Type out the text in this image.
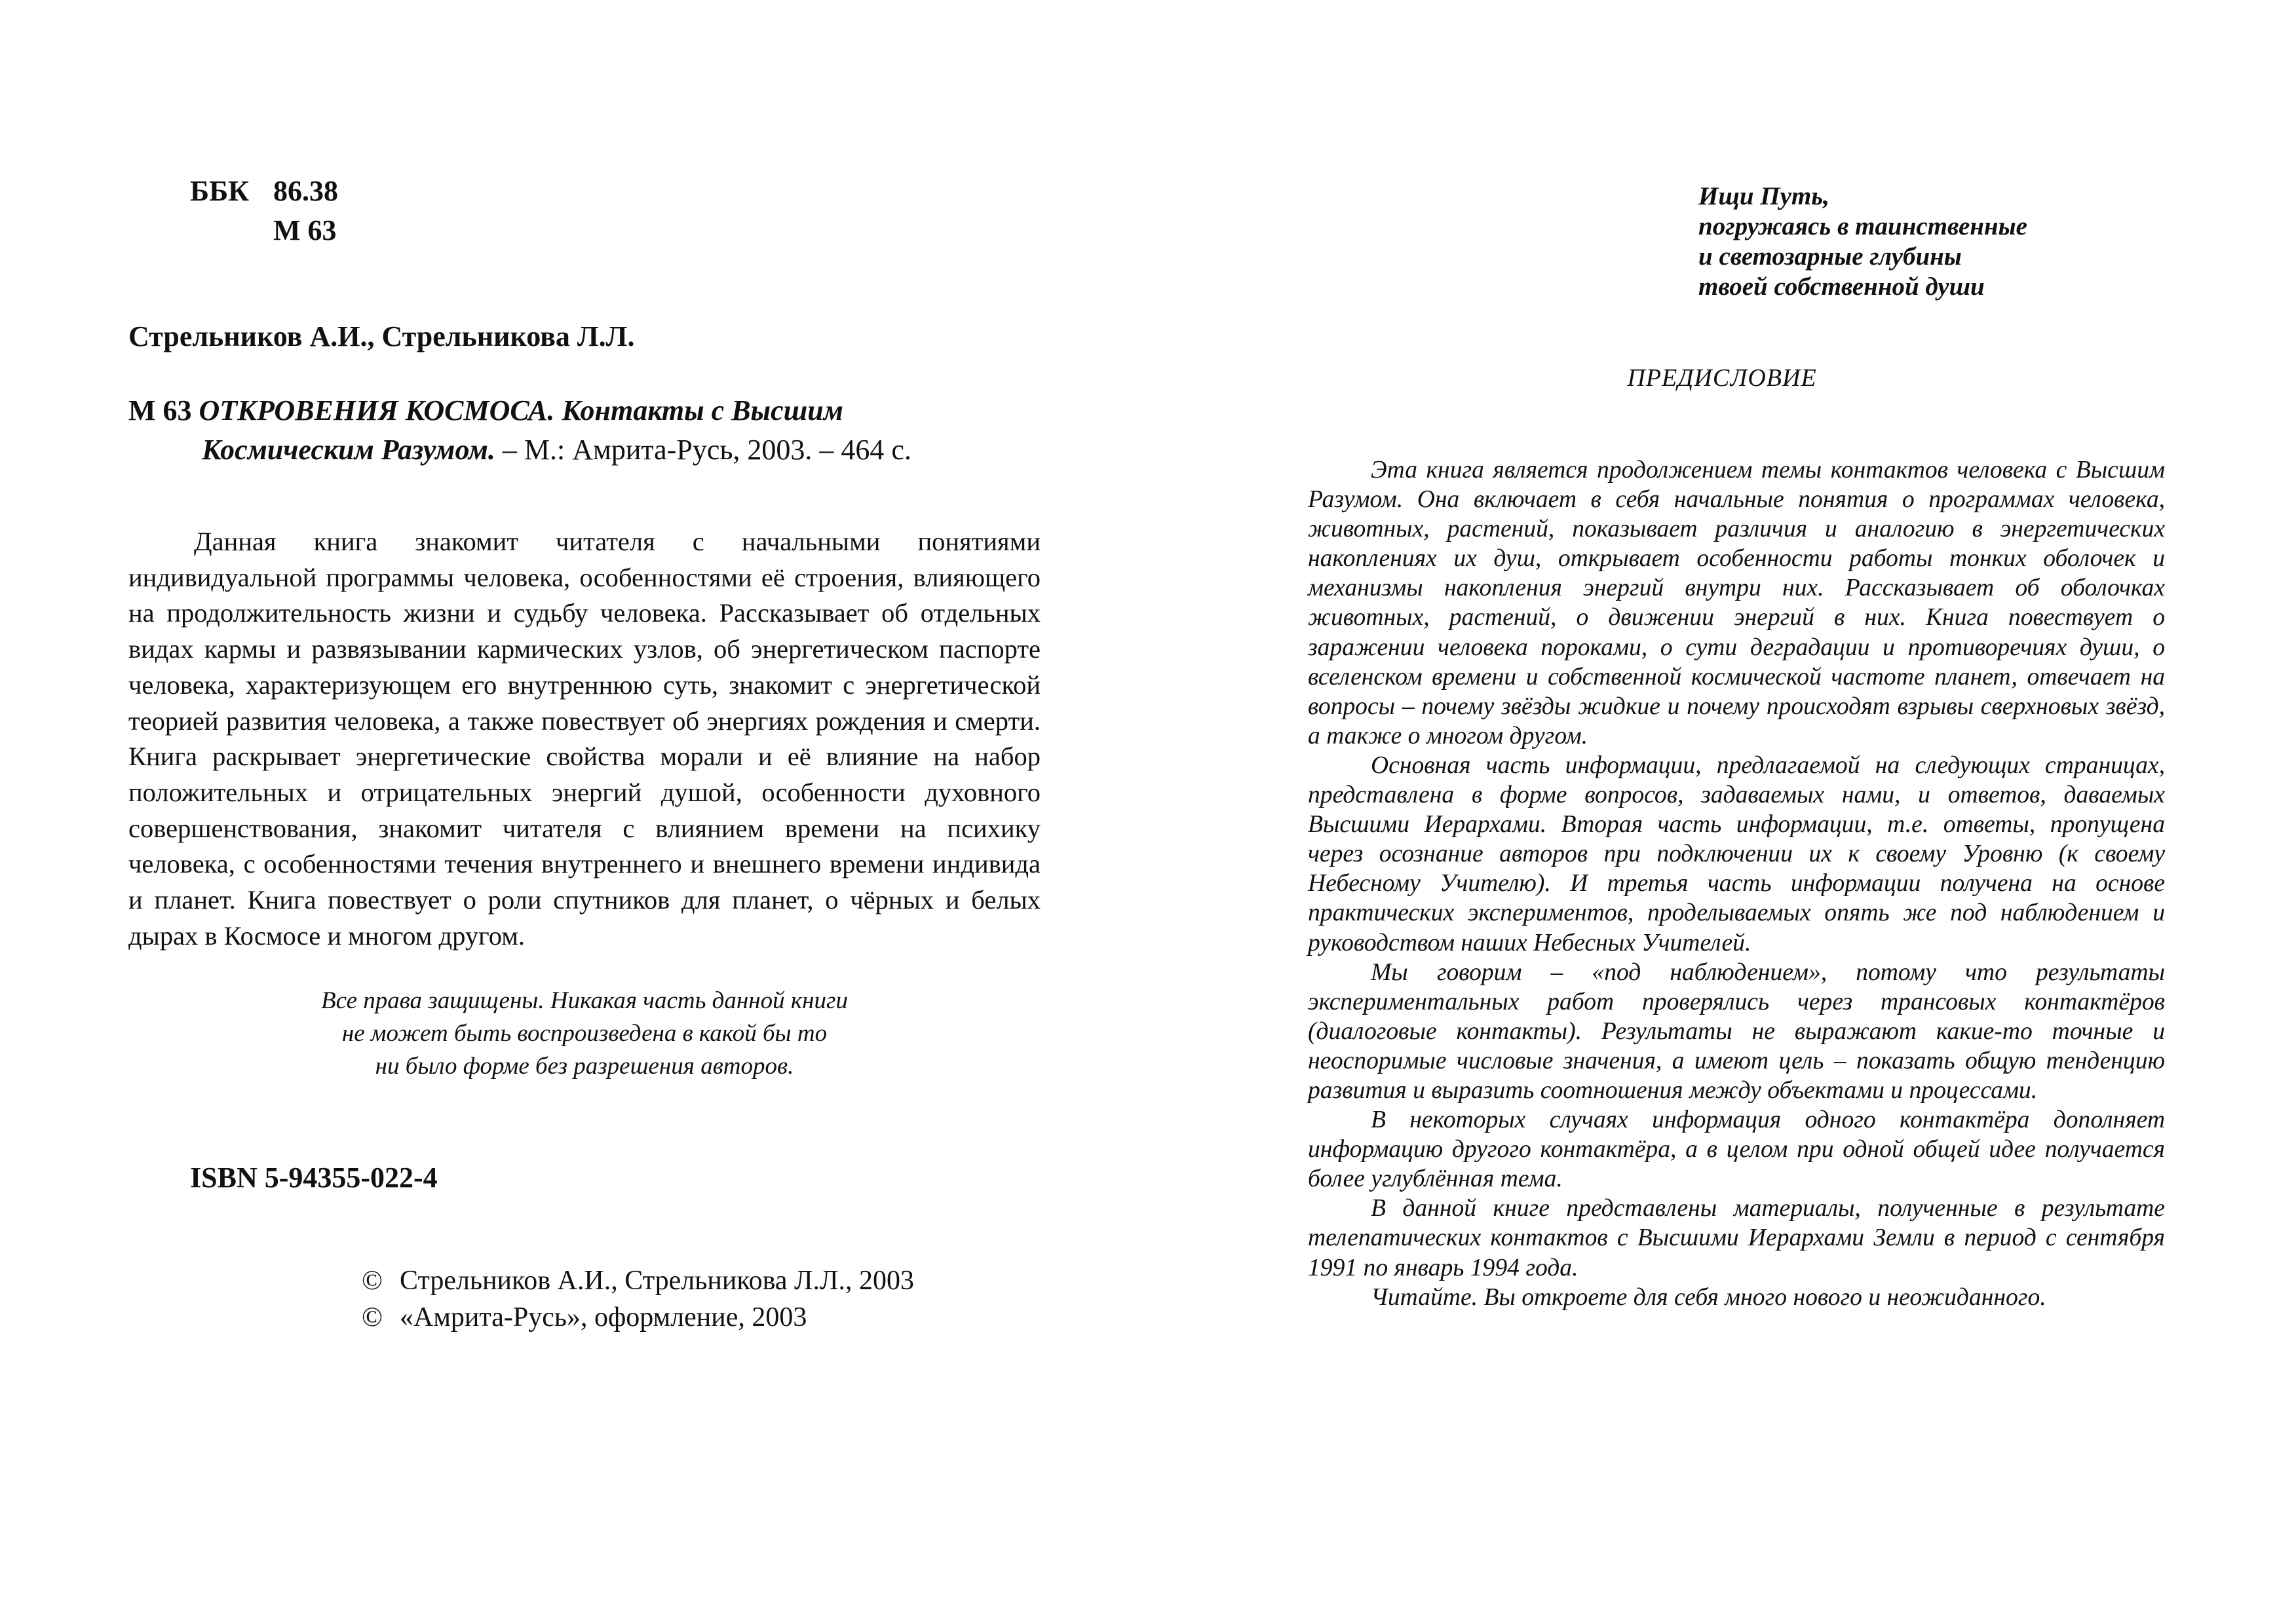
ББК 86.38
М 63
Стрельников А.И., Стрельникова Л.Л.
М 63 ОТКРОВЕНИЯ КОСМОСА. Контакты с Высшим
Космическим Разумом. – М.: Амрита-Русь, 2003. – 464 с.
Данная книга знакомит читателя с начальными понятиями индивидуальной программы человека, особенностями её строения, влияющего на продолжительность жизни и судьбу человека. Рассказывает об отдельных видах кармы и развязывании кармических узлов, об энергетическом паспорте человека, характеризующем его внутреннюю суть, знакомит с энергетической теорией развития человека, а также повествует об энергиях рождения и смерти. Книга раскрывает энергетические свойства морали и её влияние на набор положительных и отрицательных энергий душой, особенности духовного совершенствования, знакомит читателя с влиянием времени на психику человека, с особенностями течения внутреннего и внешнего времени индивида и планет. Книга повествует о роли спутников для планет, о чёрных и белых дырах в Космосе и многом другом.
Все права защищены. Никакая часть данной книги
не может быть воспроизведена в какой бы то
ни было форме без разрешения авторов.
ISBN 5-94355-022-4
© Стрельников А.И., Стрельникова Л.Л., 2003
© «Амрита-Русь», оформление, 2003
Ищи Путь,
погружаясь в таинственные
и светозарные глубины
твоей собственной души
ПРЕДИСЛОВИЕ

Эта книга является продолжением темы контактов человека с Высшим Разумом. Она включает в себя начальные понятия о программах человека, животных, растений, показывает различия и аналогию в энергетических накоплениях их душ, открывает особенности работы тонких оболочек и механизмы накопления энергий внутри них. Рассказывает об оболочках животных, растений, о движении энергий в них. Книга повествует о заражении человека пороками, о сути деградации и противоречиях души, о вселенском времени и собственной космической частоте планет, отвечает на вопросы – почему звёзды жидкие и почему происходят взрывы сверхновых звёзд, а также о многом другом.

Основная часть информации, предлагаемой на следующих страницах, представлена в форме вопросов, задаваемых нами, и ответов, даваемых Высшими Иерархами. Вторая часть информации, т.е. ответы, пропущена через осознание авторов при подключении их к своему Уровню (к своему Небесному Учителю). И третья часть информации получена на основе практических экспериментов, проделываемых опять же под наблюдением и руководством наших Небесных Учителей.

Мы говорим – «под наблюдением», потому что результаты экспериментальных работ проверялись через трансовых контактёров (диалоговые контакты). Результаты не выражают какие-то точные и неоспоримые числовые значения, а имеют цель – показать общую тенденцию развития и выразить соотношения между объектами и процессами.

В некоторых случаях информация одного контактёра дополняет информацию другого контактёра, а в целом при одной общей идее получается более углублённая тема.

В данной книге представлены материалы, полученные в результате телепатических контактов с Высшими Иерархами Земли в период с сентября 1991 по январь 1994 года.

Читайте. Вы откроете для себя много нового и неожиданного.
